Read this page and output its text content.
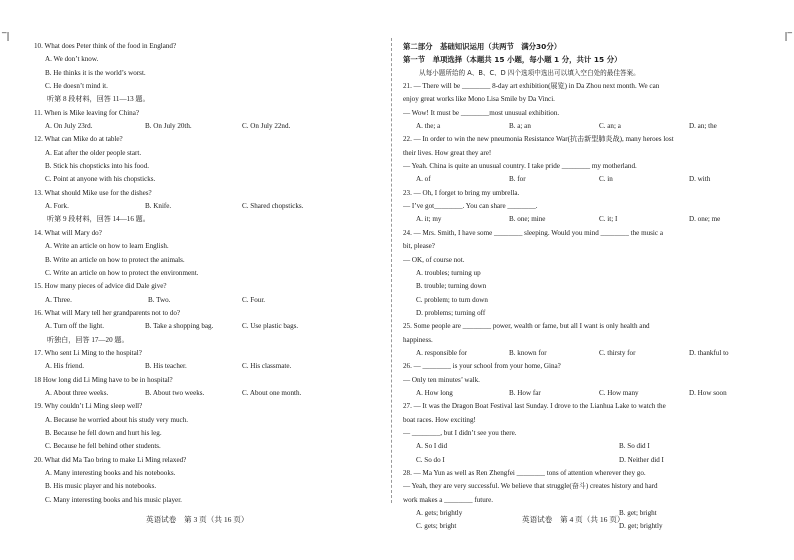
‾|	|‾
10. What does Peter think of the food in England?
A. We don’t know.
B. He thinks it is the world’s worst.
C. He doesn’t mind it.
听第 8 段材料，回答 11—13 题。
11. When is Mike leaving for China?
A. On July 23rd.	B. On July 20th.	C. On July 22nd.
12. What can Mike do at table?
A. Eat after the older people start.
B. Stick his chopsticks into his food.
C. Point at anyone with his chopsticks.
13. What should Mike use for the dishes?
A. Fork.	B. Knife.	C. Shared chopsticks.
听第 9 段材料，回答 14—16 题。
14. What will Mary do?
A. Write an article on how to learn English.
B. Write an article on how to protect the animals.
C. Write an article on how to protect the environment.
15. How many pieces of advice did Dale give?
A. Three.	B. Two.	C. Four.
16. What will Mary tell her grandparents not to do?
A. Turn off the light.	B. Take a shopping bag.	C. Use plastic bags.
听独白，回答 17—20 题。
17. Who sent Li Ming to the hospital?
A. His friend.	B. His teacher.	C. His classmate.
18 How long did Li Ming have to be in hospital?
A. About three weeks.	B. About two weeks.	C. About one month.
19. Why couldn’t Li Ming sleep well?
A. Because he worried about his study very much.
B. Because he fell down and hurt his leg.
C. Because he fell behind other students.
20. What did Ma Tao bring to make Li Ming relaxed?
A. Many interesting books and his notebooks.
B. His music player and his notebooks.
C. Many interesting books and his music player.
英语试卷　第 3 页（共 16 页）
第二部分　基础知识运用（共两节　满分30分）
第一节　单项选择（本题共 15 小题，每小题 1 分，共计 15 分）
从每小题所给的 A、B、C、D 四个选项中选出可以填入空白处的最佳答案。
21. — There will be ________ 8-day art exhibition(展览) in Da Zhou next month. We can
enjoy great works like Mono Lisa Smile by Da Vinci.
— Wow! It must be ________most unusual exhibition.
A. the; a	B. a; an	C. an; a	D. an; the
22. — In order to win the new pneumonia Resistance War(抗击新型肺炎战), many heroes lost
their lives. How great they are!
— Yeah. China is quite an unusual country. I take pride ________ my motherland.
A. of	B. for	C. in	D. with
23. — Oh, I forget to bring my umbrella.
— I’ve got________. You can share ________.
A. it; my	B. one; mine	C. it; I	D. one; me
24. — Mrs. Smith, I have some ________ sleeping. Would you mind ________ the music a
bit, please?
— OK, of course not.
A. troubles; turning up
B. trouble; turning down
C. problem; to turn down
D. problems; turning off
25. Some people are ________ power, wealth or fame, but all I want is only health and
happiness.
A. responsible for	B. known for	C. thirsty for	D. thankful to
26. — ________ is your school from your home, Gina?
— Only ten minutes’ walk.
A. How long	B. How far	C. How many	D. How soon
27. — It was the Dragon Boat Festival last Sunday. I drove to the Lianhua Lake to watch the
boat races. How exciting!
— ________, but I didn’t see you there.
A. So I did	B. So did I
C. So do I	D. Neither did I
28. — Ma Yun as well as Ren Zhengfei ________ tons of attention wherever they go.
— Yeah, they are very successful. We believe that struggle(奋斗) creates history and hard
work makes a ________ future.
A. gets; brightly	B. get; bright
C. gets; bright	D. get; brightly
英语试卷　第 4 页（共 16 页）
